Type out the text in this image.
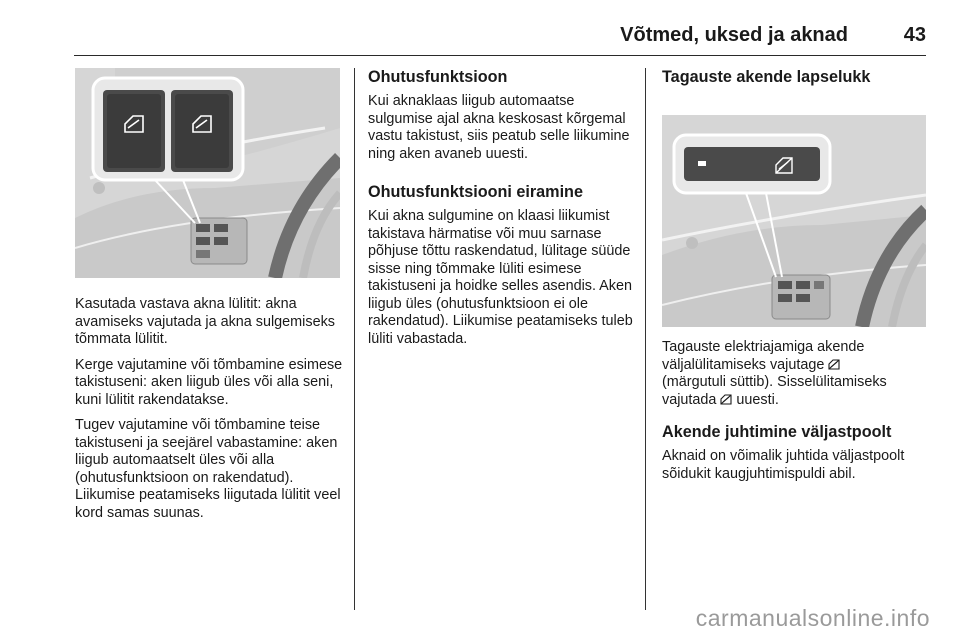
Võtmed, uksed ja aknad	43

Kasutada vastava akna lülitit: akna avamiseks vajutada ja akna sulgemiseks tõmmata lülitit.

Kerge vajutamine või tõmbamine esimese takistuseni: aken liigub üles või alla seni, kuni lülitit rakendatakse.

Tugev vajutamine või tõmbamine teise takistuseni ja seejärel vabastamine: aken liigub automaatselt üles või alla (ohutusfunktsioon on rakendatud). Liikumise peatamiseks liigutada lülitit veel kord samas suunas.

Ohutusfunktsioon

Kui aknaklaas liigub automaatse sulgumise ajal akna keskosast kõrgemal vastu takistust, siis peatub selle liikumine ning aken avaneb uuesti.

Ohutusfunktsiooni eiramine

Kui akna sulgumine on klaasi liikumist takistava härmatise või muu sarnase põhjuse tõttu raskendatud, lülitage süüde sisse ning tõmmake lüliti esimese takistuseni ja hoidke selles asendis. Aken liigub üles (ohutusfunktsioon ei ole rakendatud). Liikumise peatamiseks tuleb lüliti vabastada.

Tagauste akende lapselukk

Tagauste elektriajamiga akende väljalülitamiseks vajutage
(märgutuli süttib). Sisselülitamiseks vajutada uuesti.

Akende juhtimine väljastpoolt

Aknaid on võimalik juhtida väljastpoolt sõidukit kaugjuhtimispuldi abil.

carmanualsonline.info
